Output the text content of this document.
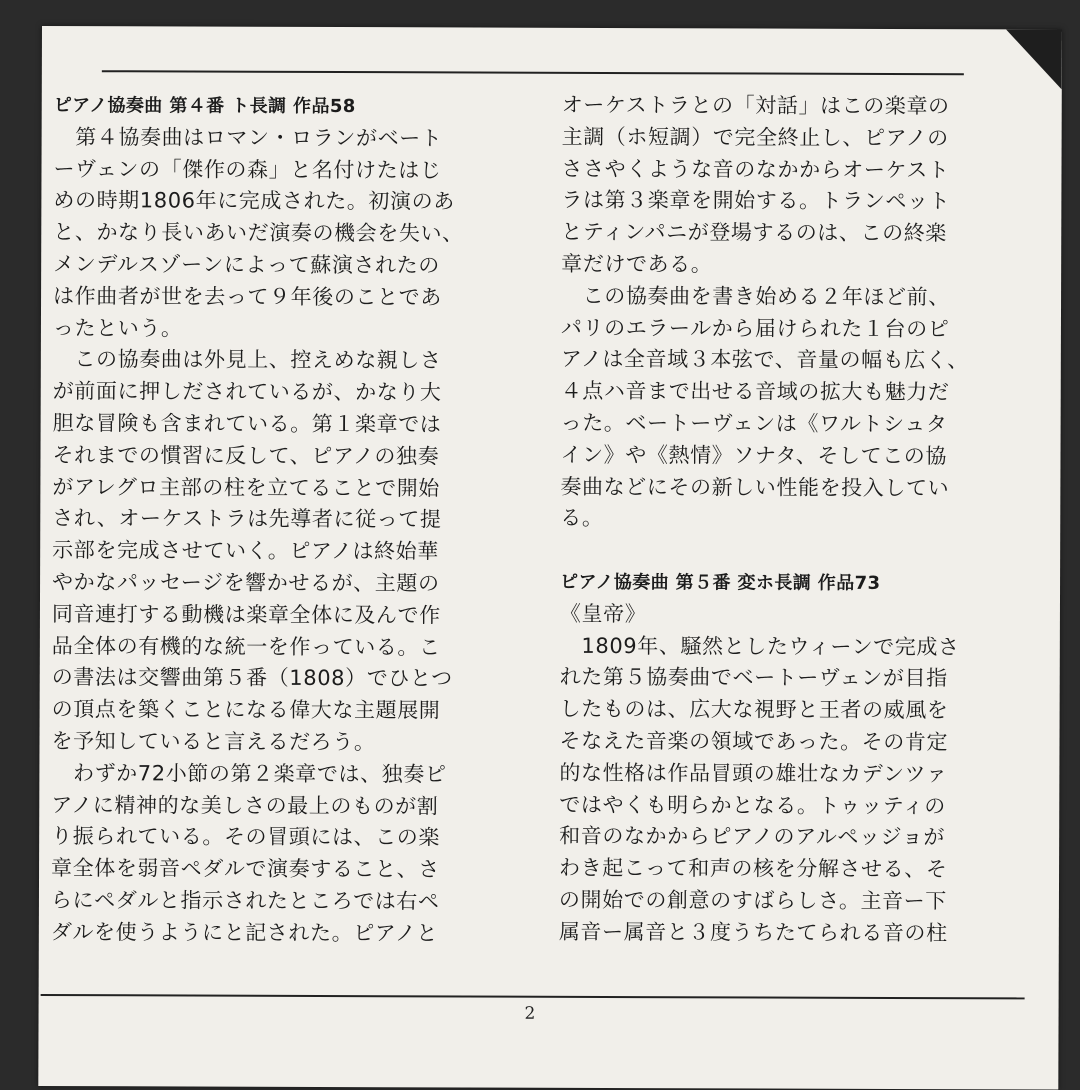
ピアノ協奏曲 第４番 ト長調 作品58
　第４協奏曲はロマン・ロランがベート
ーヴェンの「傑作の森」と名付けたはじ
めの時期1806年に完成された。初演のあ
と、かなり長いあいだ演奏の機会を失い、
メンデルスゾーンによって蘇演されたの
は作曲者が世を去って９年後のことであ
ったという。
　この協奏曲は外見上、控えめな親しさ
が前面に押しだされているが、かなり大
胆な冒険も含まれている。第１楽章では
それまでの慣習に反して、ピアノの独奏
がアレグロ主部の柱を立てることで開始
され、オーケストラは先導者に従って提
示部を完成させていく。ピアノは終始華
やかなパッセージを響かせるが、主題の
同音連打する動機は楽章全体に及んで作
品全体の有機的な統一を作っている。こ
の書法は交響曲第５番（1808）でひとつ
の頂点を築くことになる偉大な主題展開
を予知していると言えるだろう。
　わずか72小節の第２楽章では、独奏ピ
アノに精神的な美しさの最上のものが割
り振られている。その冒頭には、この楽
章全体を弱音ペダルで演奏すること、さ
らにペダルと指示されたところでは右ペ
ダルを使うようにと記された。ピアノと
オーケストラとの「対話」はこの楽章の
主調（ホ短調）で完全終止し、ピアノの
ささやくような音のなかからオーケスト
ラは第３楽章を開始する。トランペット
とティンパニが登場するのは、この終楽
章だけである。
　この協奏曲を書き始める２年ほど前、
パリのエラールから届けられた１台のピ
アノは全音域３本弦で、音量の幅も広く、
４点ハ音まで出せる音域の拡大も魅力だ
った。ベートーヴェンは《ワルトシュタ
イン》や《熱情》ソナタ、そしてこの協
奏曲などにその新しい性能を投入してい
る。
ピアノ協奏曲 第５番 変ホ長調 作品73
《皇帝》
　1809年、騒然としたウィーンで完成さ
れた第５協奏曲でベートーヴェンが目指
したものは、広大な視野と王者の威風を
そなえた音楽の領域であった。その肯定
的な性格は作品冒頭の雄壮なカデンツァ
ではやくも明らかとなる。トゥッティの
和音のなかからピアノのアルペッジョが
わき起こって和声の核を分解させる、そ
の開始での創意のすばらしさ。主音ー下
属音ー属音と３度うちたてられる音の柱
2
